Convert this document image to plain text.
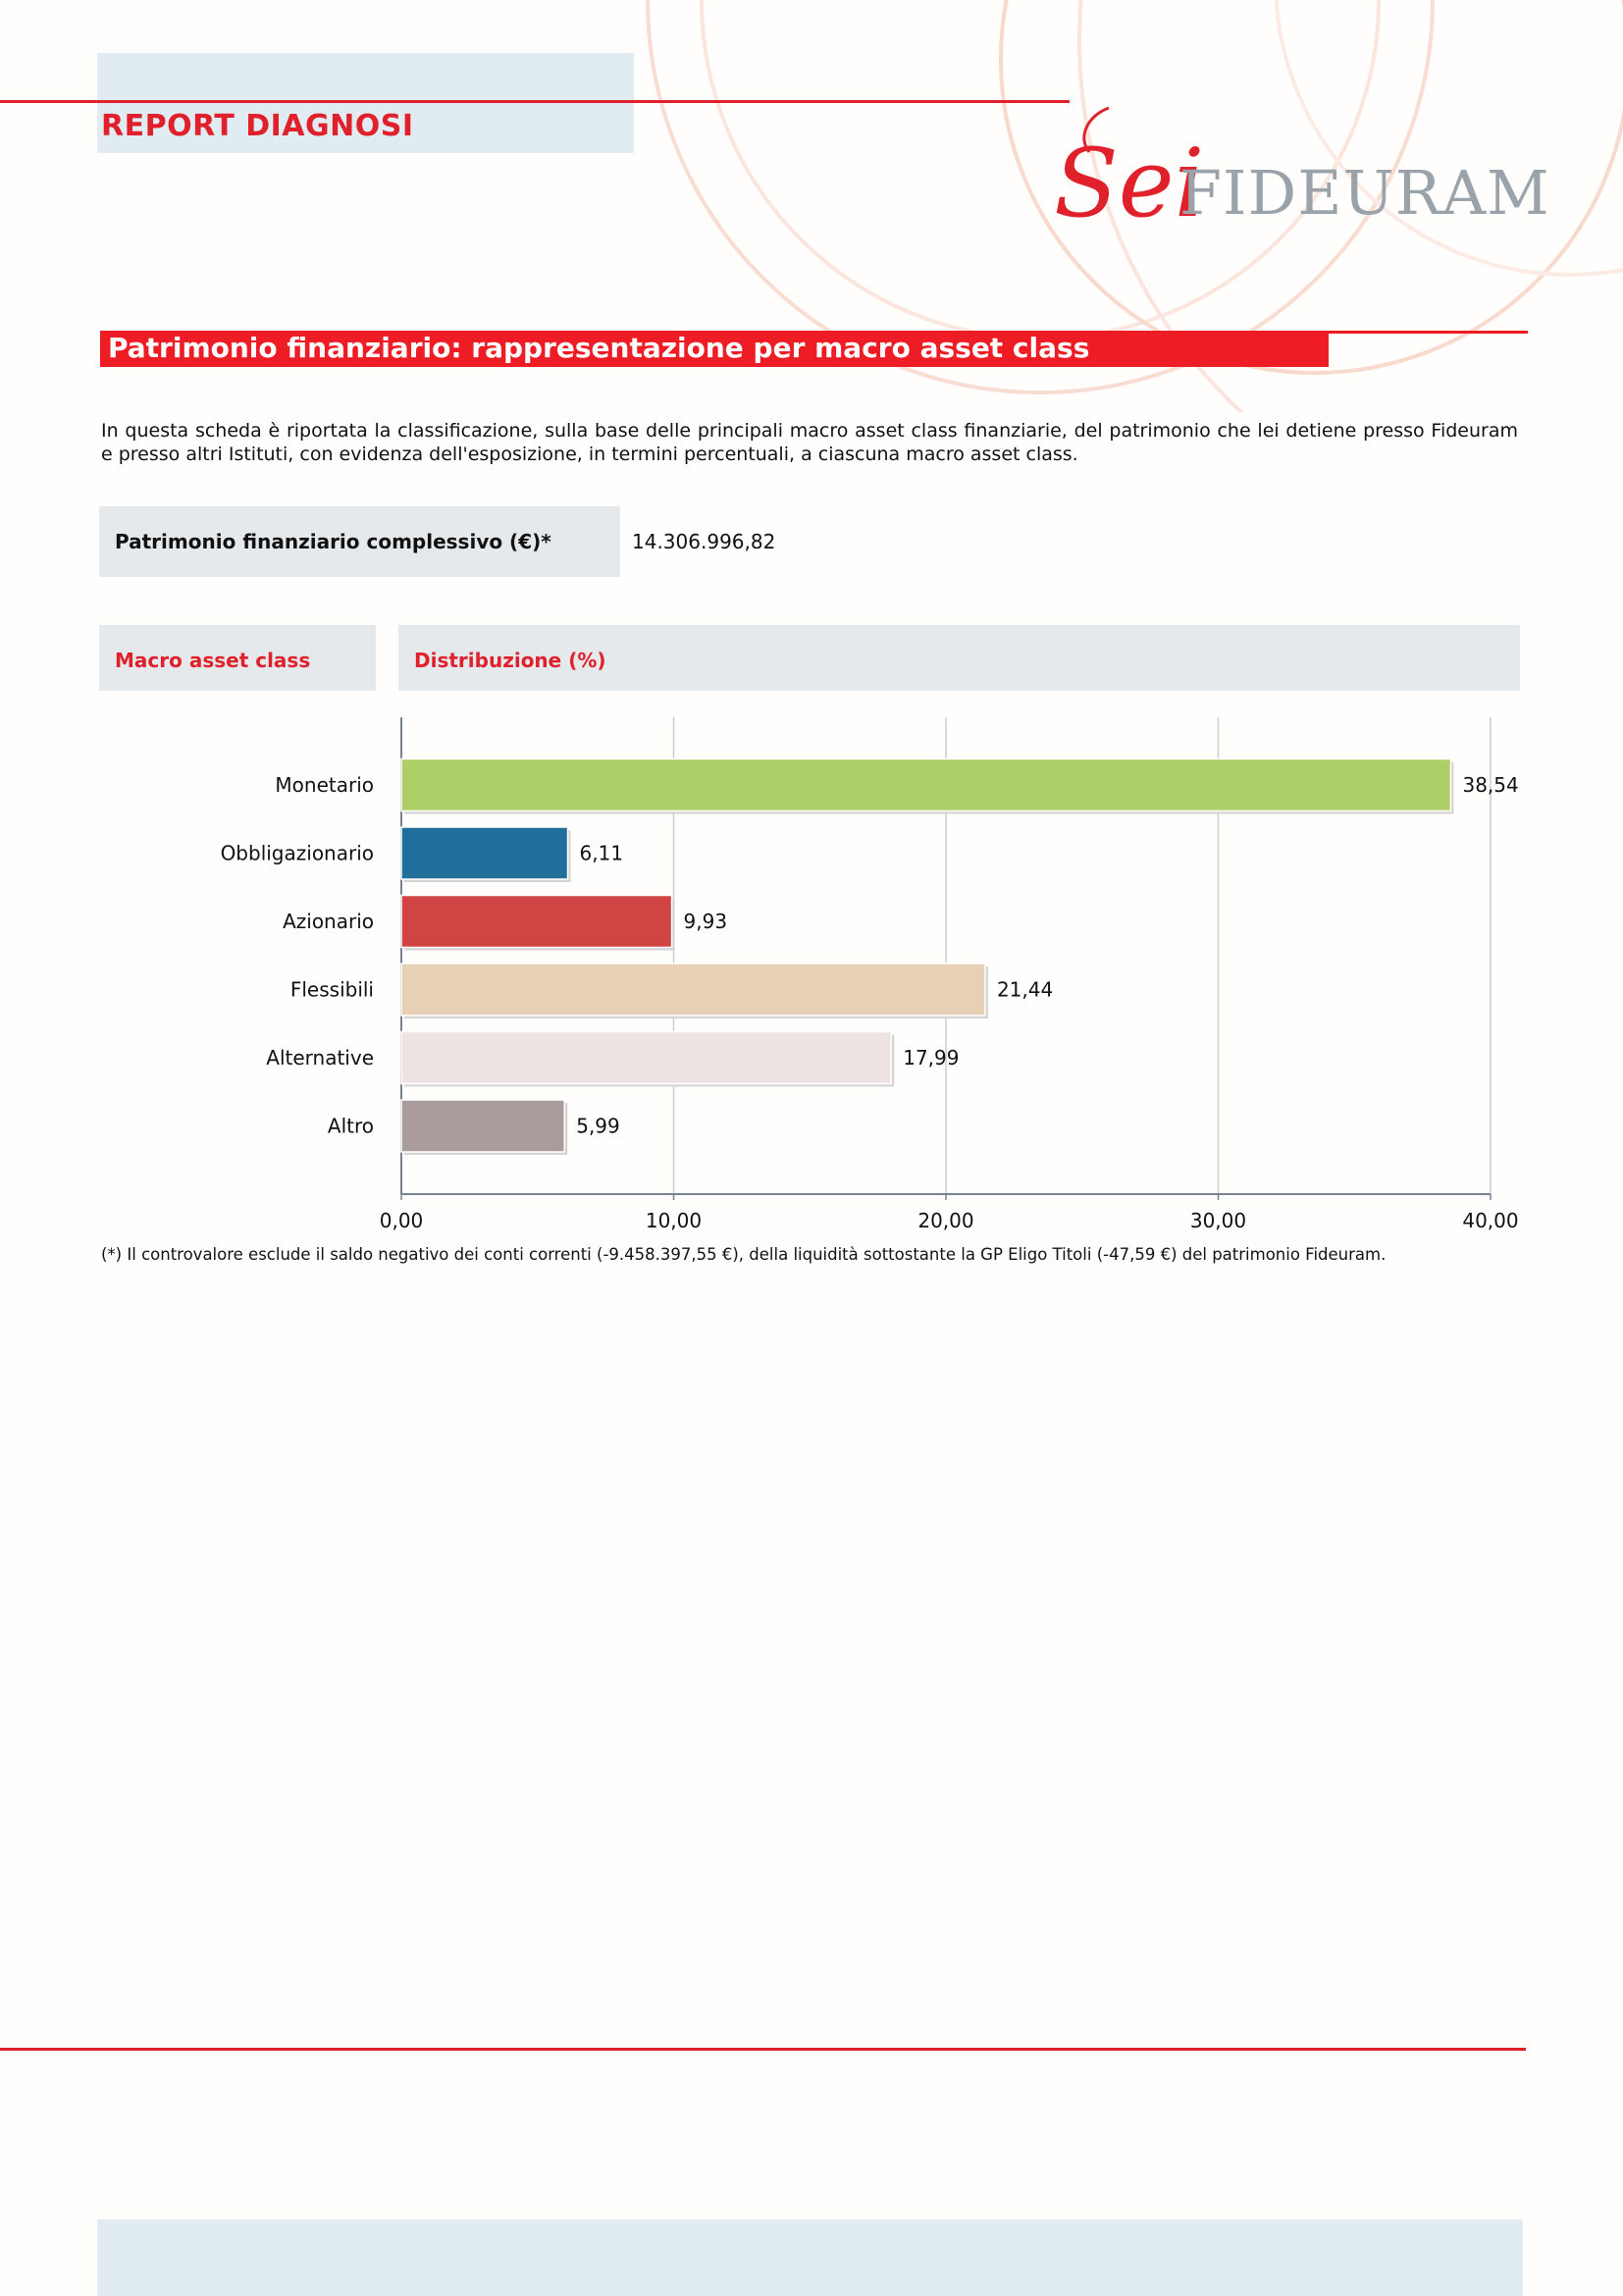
REPORT DIAGNOSI
Sei
FIDEURAM
Patrimonio finanziario: rappresentazione per macro asset class
In questa scheda è riportata la classificazione, sulla base delle principali macro asset class finanziarie, del patrimonio che lei detiene presso Fideuram e presso altri Istituti, con evidenza dell'esposizione, in termini percentuali, a ciascuna macro asset class.
Patrimonio finanziario complessivo (€)*	14.306.996,82
Macro asset class	Distribuzione (%)
0,00	10,00	20,00	30,00	40,00
Monetario	38,54
Obbligazionario	6,11
Azionario	9,93
Flessibili	21,44
Alternative	17,99
Altro	5,99
(*) Il controvalore esclude il saldo negativo dei conti correnti (-9.458.397,55 €), della liquidità sottostante la GP Eligo Titoli (-47,59 €) del patrimonio Fideuram.
